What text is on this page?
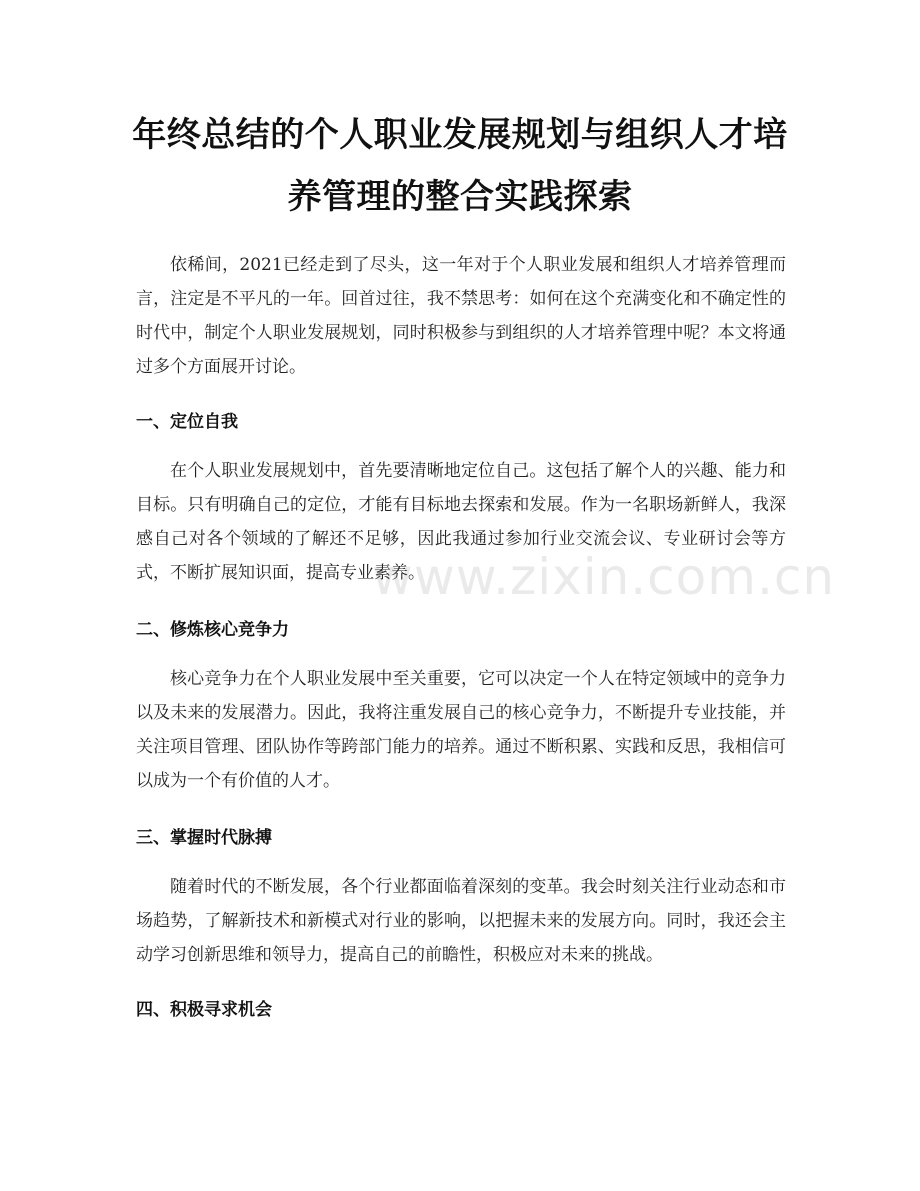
年终总结的个人职业发展规划与组织人才培养管理的整合实践探索

依稀间，2021已经走到了尽头，这一年对于个人职业发展和组织人才培养管理而言，注定是不平凡的一年。回首过往，我不禁思考：如何在这个充满变化和不确定性的时代中，制定个人职业发展规划，同时积极参与到组织的人才培养管理中呢？本文将通过多个方面展开讨论。

一、定位自我

在个人职业发展规划中，首先要清晰地定位自己。这包括了解个人的兴趣、能力和目标。只有明确自己的定位，才能有目标地去探索和发展。作为一名职场新鲜人，我深感自己对各个领域的了解还不足够，因此我通过参加行业交流会议、专业研讨会等方式，不断扩展知识面，提高专业素养。

二、修炼核心竞争力

核心竞争力在个人职业发展中至关重要，它可以决定一个人在特定领域中的竞争力以及未来的发展潜力。因此，我将注重发展自己的核心竞争力，不断提升专业技能，并关注项目管理、团队协作等跨部门能力的培养。通过不断积累、实践和反思，我相信可以成为一个有价值的人才。

三、掌握时代脉搏

随着时代的不断发展，各个行业都面临着深刻的变革。我会时刻关注行业动态和市场趋势，了解新技术和新模式对行业的影响，以把握未来的发展方向。同时，我还会主动学习创新思维和领导力，提高自己的前瞻性，积极应对未来的挑战。

四、积极寻求机会
www.zixin.com.cn
